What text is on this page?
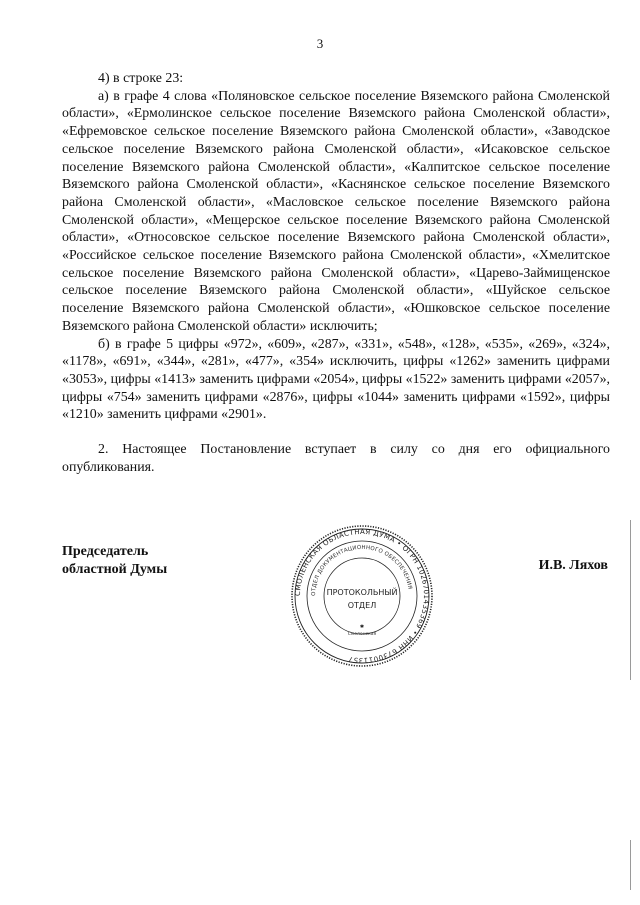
3

4) в строке 23:

а) в графе 4 слова «Поляновское сельское поселение Вяземского района Смоленской области», «Ермолинское сельское поселение Вяземского района Смоленской области», «Ефремовское сельское поселение Вяземского района Смоленской области», «Заводское сельское поселение Вяземского района Смоленской области», «Исаковское сельское поселение Вяземского района Смоленской области», «Калпитское сельское поселение Вяземского района Смоленской области», «Каснянское сельское поселение Вяземского района Смоленской области», «Масловское сельское поселение Вяземского района Смоленской области», «Мещерское сельское поселение Вяземского района Смоленской области», «Относовское сельское поселение Вяземского района Смоленской области», «Российское сельское поселение Вяземского района Смоленской области», «Хмелитское сельское поселение Вяземского района Смоленской области», «Царево-Займищенское сельское поселение Вяземского района Смоленской области», «Шуйское сельское поселение Вяземского района Смоленской области», «Юшковское сельское поселение Вяземского района Смоленской области» исключить;

б) в графе 5 цифры «972», «609», «287», «331», «548», «128», «535», «269», «324», «1178», «691», «344», «281», «477», «354» исключить, цифры «1262» заменить цифрами «3053», цифры «1413» заменить цифрами «2054», цифры «1522» заменить цифрами «2057», цифры «754» заменить цифрами «2876», цифры «1044» заменить цифрами «1592», цифры «1210» заменить цифрами «2901».

2. Настоящее Постановление вступает в силу со дня его официального опубликования.

Председатель
областной Думы	И.В. Ляхов
СМОЛЕНСКАЯ ОБЛАСТНАЯ ДУМА • ОГРН 1026701435369 • ИНН 6730011357
ОТДЕЛ ДОКУМЕНТАЦИОННОГО ОБЕСПЕЧЕНИЯ
ПРОТОКОЛЬНЫЙ
ОТДЕЛ
Смоленская
✱
